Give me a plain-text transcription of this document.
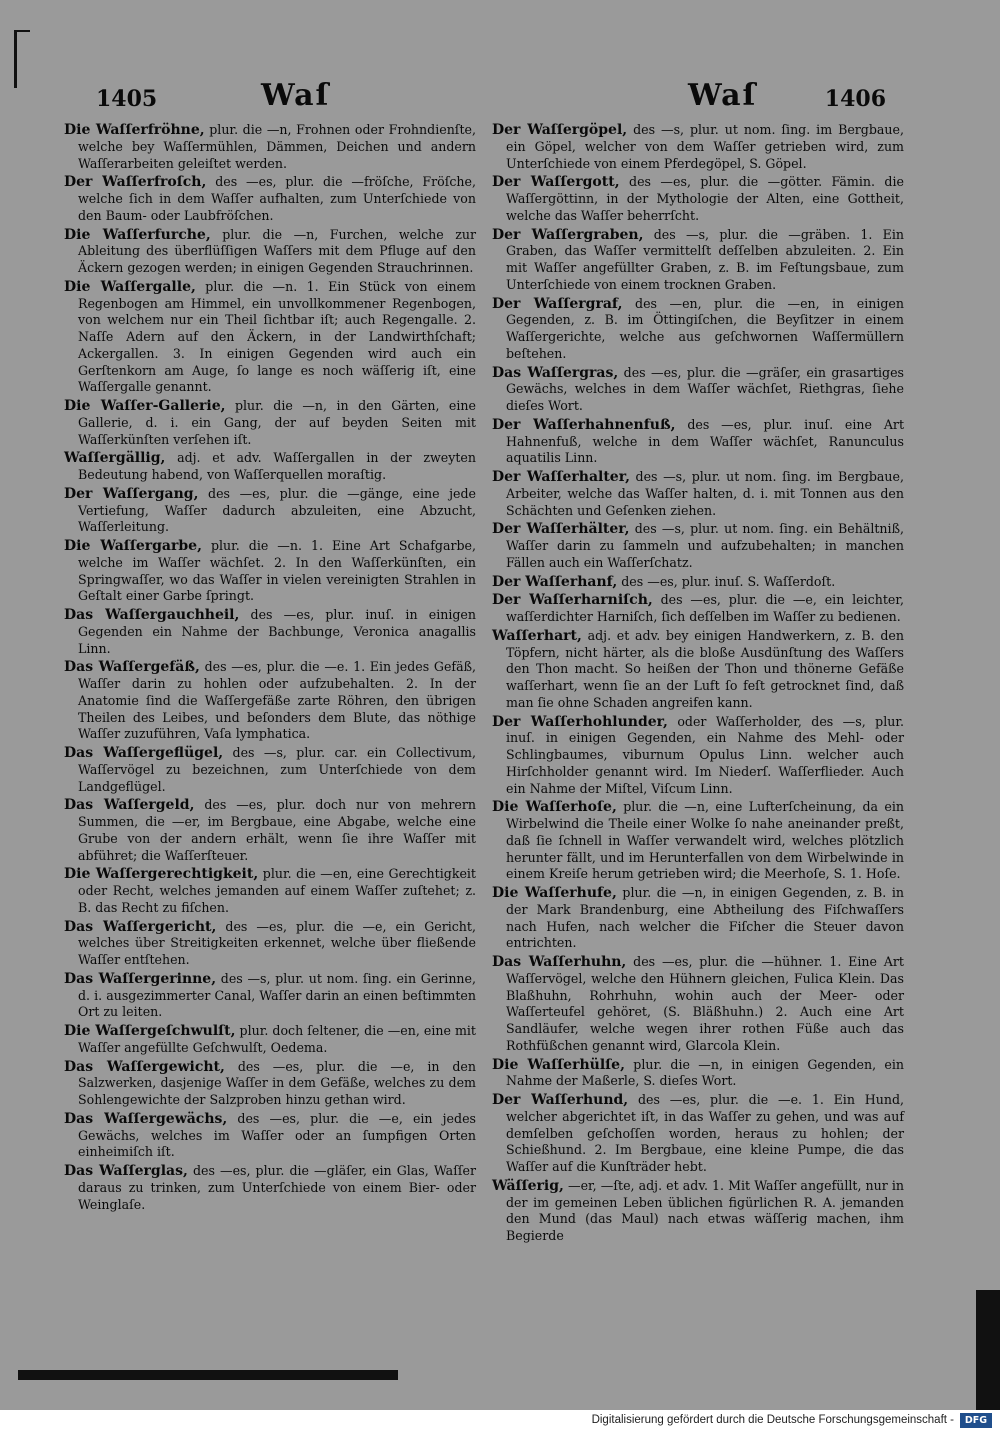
1405	Waſ	Waſ	1406

Die Waſſerfröhne, plur. die —n, Frohnen oder Frohndienſte, welche bey Waſſermühlen, Dämmen, Deichen und andern Waſſerarbeiten geleiſtet werden.

Der Waſſerfroſch, des —es, plur. die —fröſche, Fröſche, welche ſich in dem Waſſer aufhalten, zum Unterſchiede von den Baum- oder Laubfröſchen.

Die Waſſerfurche, plur. die —n, Furchen, welche zur Ableitung des überflüſſigen Waſſers mit dem Pfluge auf den Äckern gezogen werden; in einigen Gegenden Strauchrinnen.

Die Waſſergalle, plur. die —n. 1. Ein Stück von einem Regenbogen am Himmel, ein unvollkommener Regenbogen, von welchem nur ein Theil ſichtbar iſt; auch Regengalle. 2. Naſſe Adern auf den Äckern, in der Landwirthſchaft; Ackergallen. 3. In einigen Gegenden wird auch ein Gerſtenkorn am Auge, ſo lange es noch wäſſerig iſt, eine Waſſergalle genannt.

Die Waſſer-Gallerie, plur. die —n, in den Gärten, eine Gallerie, d. i. ein Gang, der auf beyden Seiten mit Waſſerkünſten verſehen iſt.

Waſſergällig, adj. et adv. Waſſergallen in der zweyten Bedeutung habend, von Waſſerquellen moraſtig.

Der Waſſergang, des —es, plur. die —gänge, eine jede Vertiefung, Waſſer dadurch abzuleiten, eine Abzucht, Waſſerleitung.

Die Waſſergarbe, plur. die —n. 1. Eine Art Schafgarbe, welche im Waſſer wächſet. 2. In den Waſſerkünſten, ein Springwaſſer, wo das Waſſer in vielen vereinigten Strahlen in Geſtalt einer Garbe ſpringt.

Das Waſſergauchheil, des —es, plur. inuſ. in einigen Gegenden ein Nahme der Bachbunge, Veronica anagallis Linn.

Das Waſſergefäß, des —es, plur. die —e. 1. Ein jedes Gefäß, Waſſer darin zu hohlen oder aufzubehalten. 2. In der Anatomie ſind die Waſſergefäße zarte Röhren, den übrigen Theilen des Leibes, und beſonders dem Blute, das nöthige Waſſer zuzuführen, Vaſa lymphatica.

Das Waſſergeflügel, des —s, plur. car. ein Collectivum, Waſſervögel zu bezeichnen, zum Unterſchiede von dem Landgeflügel.

Das Waſſergeld, des —es, plur. doch nur von mehrern Summen, die —er, im Bergbaue, eine Abgabe, welche eine Grube von der andern erhält, wenn ſie ihre Waſſer mit abführet; die Waſſerſteuer.

Die Waſſergerechtigkeit, plur. die —en, eine Gerechtigkeit oder Recht, welches jemanden auf einem Waſſer zuſtehet; z. B. das Recht zu fiſchen.

Das Waſſergericht, des —es, plur. die —e, ein Gericht, welches über Streitigkeiten erkennet, welche über fließende Waſſer entſtehen.

Das Waſſergerinne, des —s, plur. ut nom. ſing. ein Gerinne, d. i. ausgezimmerter Canal, Waſſer darin an einen beſtimmten Ort zu leiten.

Die Waſſergeſchwulſt, plur. doch ſeltener, die —en, eine mit Waſſer angefüllte Geſchwulſt, Oedema.

Das Waſſergewicht, des —es, plur. die —e, in den Salzwerken, dasjenige Waſſer in dem Gefäße, welches zu dem Sohlengewichte der Salzproben hinzu gethan wird.

Das Waſſergewächs, des —es, plur. die —e, ein jedes Gewächs, welches im Waſſer oder an ſumpfigen Orten einheimiſch iſt.

Das Waſſerglas, des —es, plur. die —gläſer, ein Glas, Waſſer daraus zu trinken, zum Unterſchiede von einem Bier- oder Weinglaſe.

Der Waſſergöpel, des —s, plur. ut nom. ſing. im Bergbaue, ein Göpel, welcher von dem Waſſer getrieben wird, zum Unterſchiede von einem Pferdegöpel, S. Göpel.

Der Waſſergott, des —es, plur. die —götter. Fämin. die Waſſergöttinn, in der Mythologie der Alten, eine Gottheit, welche das Waſſer beherrſcht.

Der Waſſergraben, des —s, plur. die —gräben. 1. Ein Graben, das Waſſer vermittelſt deſſelben abzuleiten. 2. Ein mit Waſſer angefüllter Graben, z. B. im Feſtungsbaue, zum Unterſchiede von einem trocknen Graben.

Der Waſſergraf, des —en, plur. die —en, in einigen Gegenden, z. B. im Öttingiſchen, die Beyſitzer in einem Waſſergerichte, welche aus geſchwornen Waſſermüllern beſtehen.

Das Waſſergras, des —es, plur. die —gräſer, ein grasartiges Gewächs, welches in dem Waſſer wächſet, Riethgras, ſiehe dieſes Wort.

Der Waſſerhahnenfuß, des —es, plur. inuſ. eine Art Hahnenfuß, welche in dem Waſſer wächſet, Ranunculus aquatilis Linn.

Der Waſſerhalter, des —s, plur. ut nom. ſing. im Bergbaue, Arbeiter, welche das Waſſer halten, d. i. mit Tonnen aus den Schächten und Geſenken ziehen.

Der Waſſerhälter, des —s, plur. ut nom. ſing. ein Behältniß, Waſſer darin zu ſammeln und aufzubehalten; in manchen Fällen auch ein Waſſerſchatz.

Der Waſſerhanf, des —es, plur. inuſ. S. Waſſerdoſt.

Der Waſſerharniſch, des —es, plur. die —e, ein leichter, waſſerdichter Harniſch, ſich deſſelben im Waſſer zu bedienen.

Waſſerhart, adj. et adv. bey einigen Handwerkern, z. B. den Töpfern, nicht härter, als die bloße Ausdünſtung des Waſſers den Thon macht. So heißen der Thon und thönerne Gefäße waſſerhart, wenn ſie an der Luft ſo feſt getrocknet ſind, daß man ſie ohne Schaden angreifen kann.

Der Waſſerhohlunder, oder Waſſerholder, des —s, plur. inuſ. in einigen Gegenden, ein Nahme des Mehl- oder Schlingbaumes, viburnum Opulus Linn. welcher auch Hirſchholder genannt wird. Im Niederſ. Waſſerflieder. Auch ein Nahme der Miſtel, Viſcum Linn.

Die Waſſerhoſe, plur. die —n, eine Lufterſcheinung, da ein Wirbelwind die Theile einer Wolke ſo nahe aneinander preßt, daß ſie ſchnell in Waſſer verwandelt wird, welches plötzlich herunter fällt, und im Herunterfallen von dem Wirbelwinde in einem Kreiſe herum getrieben wird; die Meerhoſe, S. 1. Hoſe.

Die Waſſerhufe, plur. die —n, in einigen Gegenden, z. B. in der Mark Brandenburg, eine Abtheilung des Fiſchwaſſers nach Hufen, nach welcher die Fiſcher die Steuer davon entrichten.

Das Waſſerhuhn, des —es, plur. die —hühner. 1. Eine Art Waſſervögel, welche den Hühnern gleichen, Fulica Klein. Das Blaßhuhn, Rohrhuhn, wohin auch der Meer- oder Waſſerteufel gehöret, (S. Bläßhuhn.) 2. Auch eine Art Sandläufer, welche wegen ihrer rothen Füße auch das Rothfüßchen genannt wird, Glarcola Klein.

Die Waſſerhülſe, plur. die —n, in einigen Gegenden, ein Nahme der Maßerle, S. dieſes Wort.

Der Waſſerhund, des —es, plur. die —e. 1. Ein Hund, welcher abgerichtet iſt, in das Waſſer zu gehen, und was auf demſelben geſchoſſen worden, heraus zu hohlen; der Schießhund. 2. Im Bergbaue, eine kleine Pumpe, die das Waſſer auf die Kunſträder hebt.

Wäſſerig, —er, —ſte, adj. et adv. 1. Mit Waſſer angefüllt, nur in der im gemeinen Leben üblichen figürlichen R. A. jemanden den Mund (das Maul) nach etwas wäſſerig machen, ihm Begierde

Digitalisierung gefördert durch die Deutsche Forschungsgemeinschaft -	DFG
